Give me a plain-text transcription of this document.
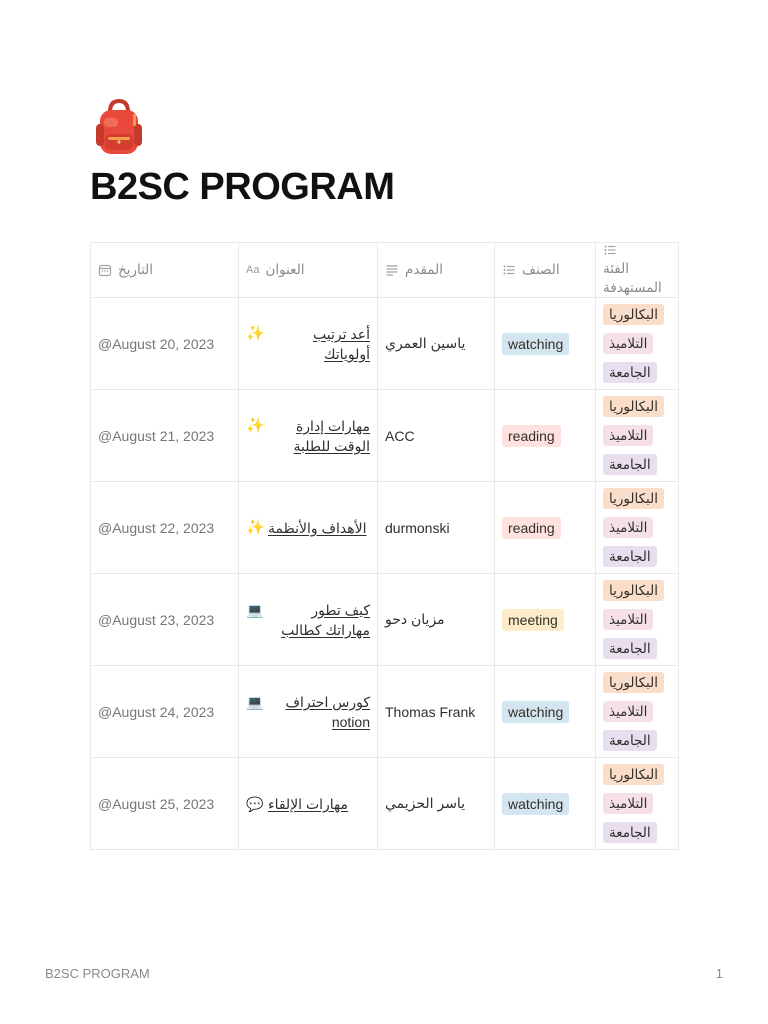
B2SC PROGRAM
التاريخ	Aa العنوان	المقدم	الصنف	الفئة المستهدفة

@August 20, 2023	✨ أعد ترتيب أولوياتك	ياسين العمري	watching	البكالوريا
التلاميذ
الجامعة

@August 21, 2023	✨ مهارات إدارة الوقت للطلبة	ACC	reading	البكالوريا
التلاميذ
الجامعة

@August 22, 2023	✨ الأهداف والأنظمة	durmonski	reading	البكالوريا
التلاميذ
الجامعة

@August 23, 2023	💻 كيف تطور مهاراتك كطالب	مزيان دحو	meeting	البكالوريا
التلاميذ
الجامعة

@August 24, 2023	💻 كورس احتراف notion	Thomas Frank	watching	البكالوريا
التلاميذ
الجامعة

@August 25, 2023	💬 مهارات الإلقاء	ياسر الحزيمي	watching	البكالوريا
التلاميذ
الجامعة
B2SC PROGRAM	1
